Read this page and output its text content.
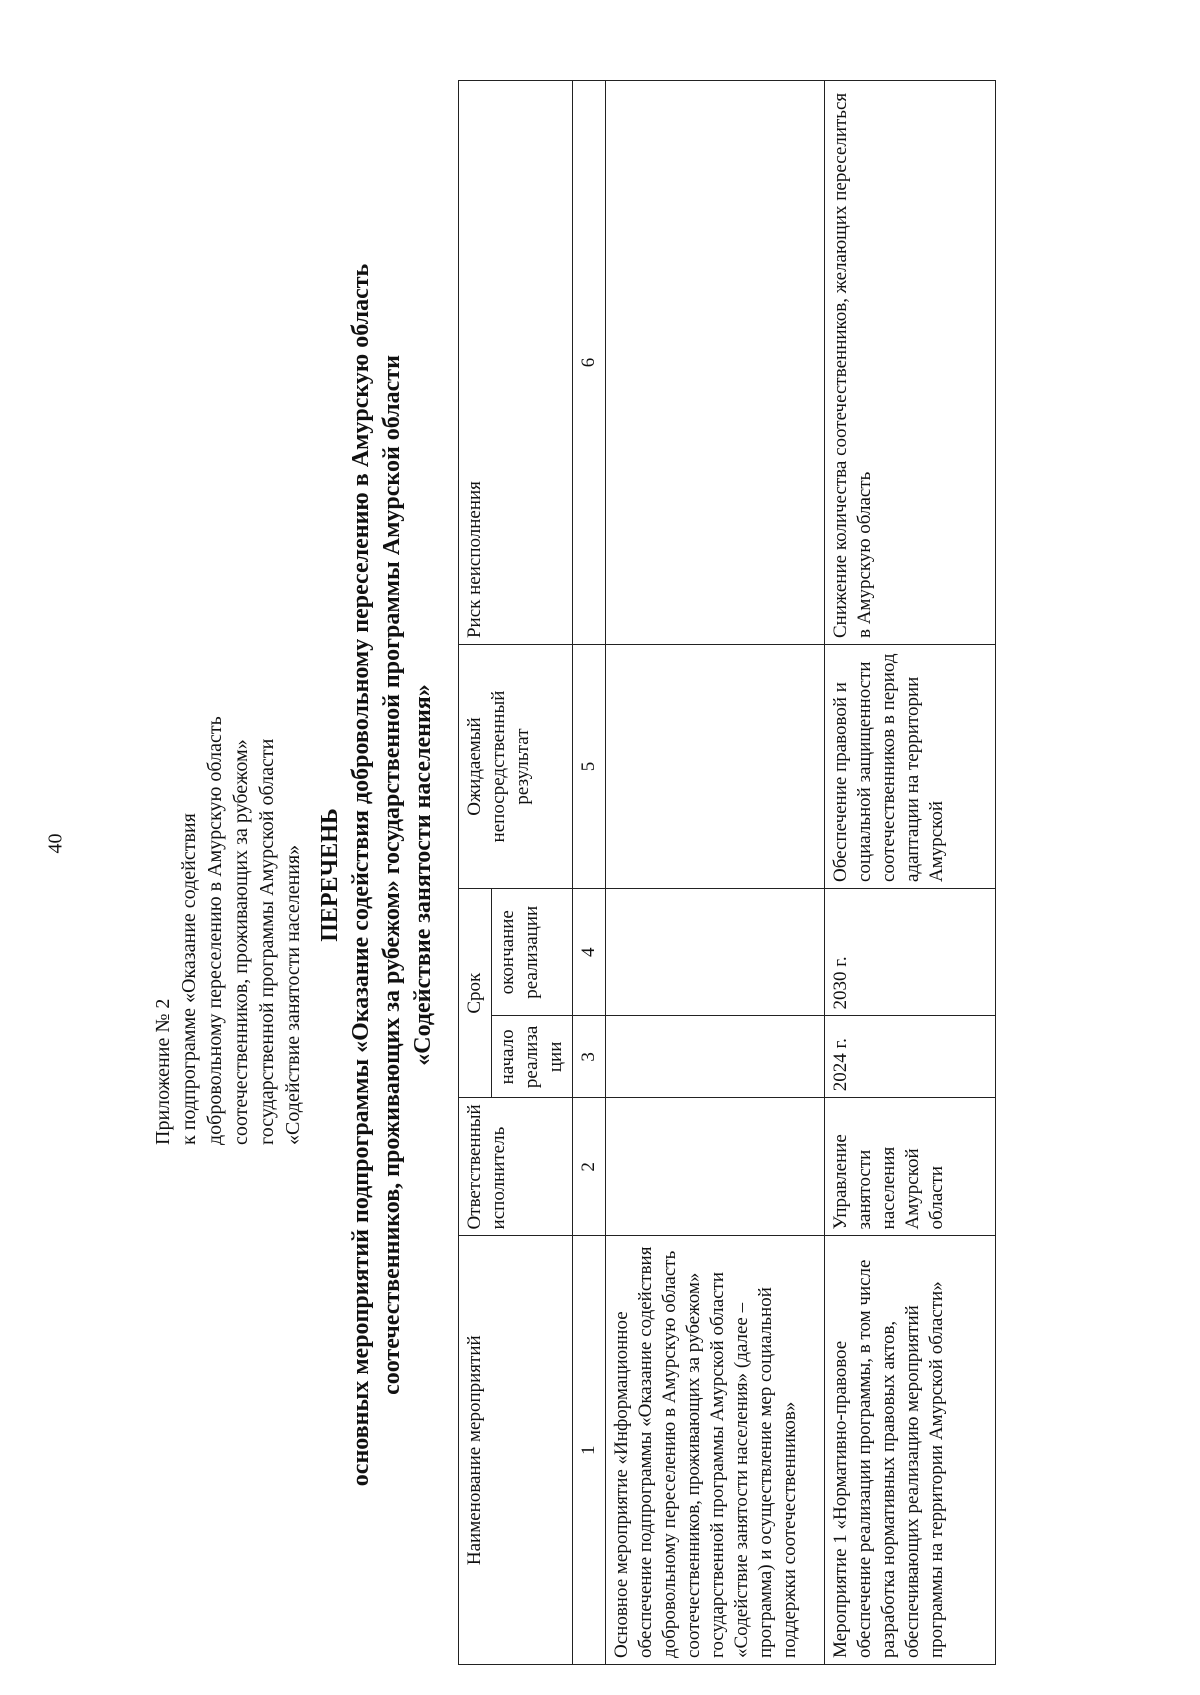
40
Приложение № 2 к подпрограмме «Оказание содействия добровольному переселению в Амурскую область соотечественников, проживающих за рубежом» государственной программы Амурской области «Содействие занятости населения» ПЕРЕЧЕНЬ основных мероприятий подпрограммы «Оказание содействия добровольному переселению в Амурскую область соотечественников, проживающих за рубежом» государственной программы Амурской области «Содействие занятости населения»
Наименование мероприятий	Ответственный исполнитель	Срок		Ожидаемый непосредственный результат	Риск неисполнения
		начало реализа ции	окончание реализации		
1	2	3	4	5	6
Основное мероприятие «Информационное обеспечение подпрограммы «Оказание содействия добровольному переселению в Амурскую область соотечественников, проживающих за рубежом» государственной программы Амурской области «Содействие занятости населения» (далее – программа) и осуществление мер социальной поддержки соотечественников»					
Мероприятие 1 «Нормативно-правовое обеспечение реализации программы, в том числе разработка нормативных правовых актов, обеспечивающих реализацию мероприятий программы на территории Амурской области»	Управление занятости населения Амурской области	2024 г.	2030 г.	Обеспечение правовой и социальной защищенности соотечественников в период адаптации на территории Амурской	Снижение количества соотечественников, желающих переселиться в Амурскую область
